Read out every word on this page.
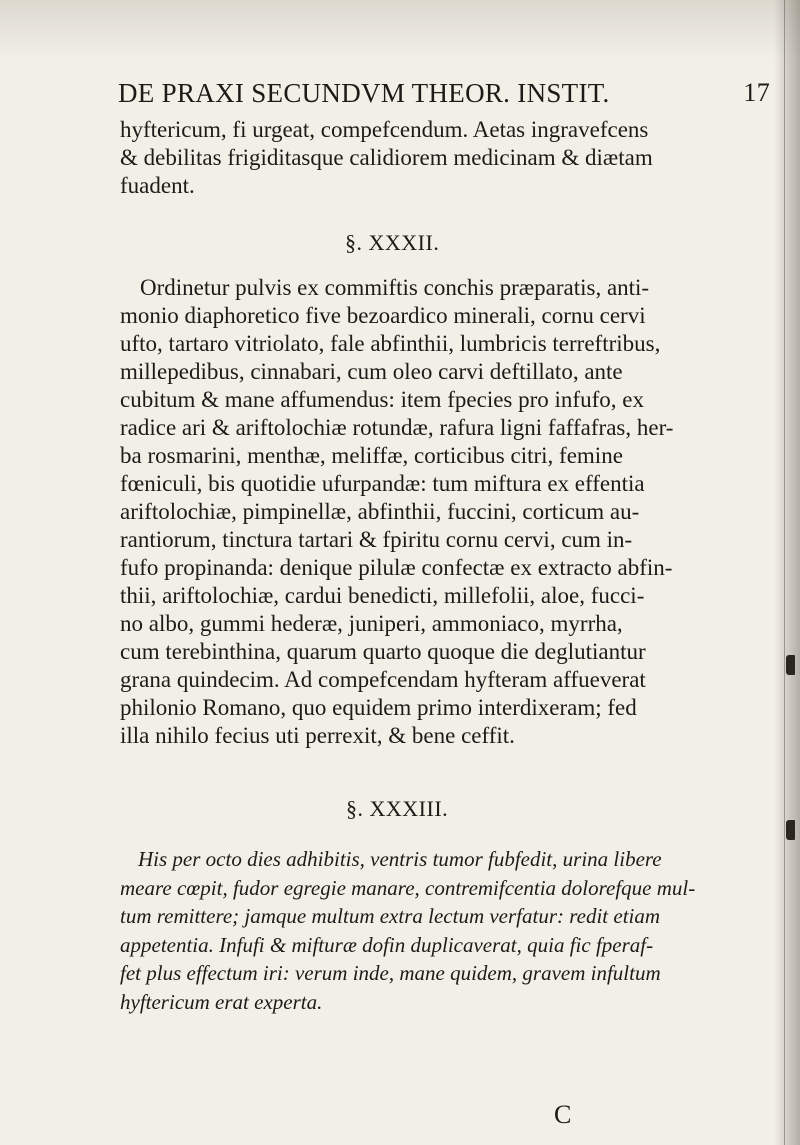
DE PRAXI SECUNDVM THEOR. INSTIT.	17

hyftericum, fi urgeat, compefcendum. Aetas ingravefcens
& debilitas frigiditasque calidiorem medicinam & diætam
fuadent.

§. XXXII.

Ordinetur pulvis ex commiftis conchis præparatis, anti-
monio diaphoretico five bezoardico minerali, cornu cervi
ufto, tartaro vitriolato, fale abfinthii, lumbricis terreftribus,
millepedibus, cinnabari, cum oleo carvi deftillato, ante
cubitum & mane affumendus: item fpecies pro infufo, ex
radice ari & ariftolochiæ rotundæ, rafura ligni faffafras, her-
ba rosmarini, menthæ, meliffæ, corticibus citri, femine
fœniculi, bis quotidie ufurpandæ: tum miftura ex effentia
ariftolochiæ, pimpinellæ, abfinthii, fuccini, corticum au-
rantiorum, tinctura tartari & fpiritu cornu cervi, cum in-
fufo propinanda: denique pilulæ confectæ ex extracto abfin-
thii, ariftolochiæ, cardui benedicti, millefolii, aloe, fucci-
no albo, gummi hederæ, juniperi, ammoniaco, myrrha,
cum terebinthina, quarum quarto quoque die deglutiantur
grana quindecim. Ad compefcendam hyfteram affueverat
philonio Romano, quo equidem primo interdixeram; fed
illa nihilo fecius uti perrexit, & bene ceffit.

§. XXXIII.

His per octo dies adhibitis, ventris tumor fubfedit, urina libere
meare cœpit, fudor egregie manare, contremifcentia dolorefque mul-
tum remittere; jamque multum extra lectum verfatur: redit etiam
appetentia. Infufi & mifturæ dofin duplicaverat, quia fic fperaf-
fet plus effectum iri: verum inde, mane quidem, gravem infultum
hyftericum erat experta.

C
